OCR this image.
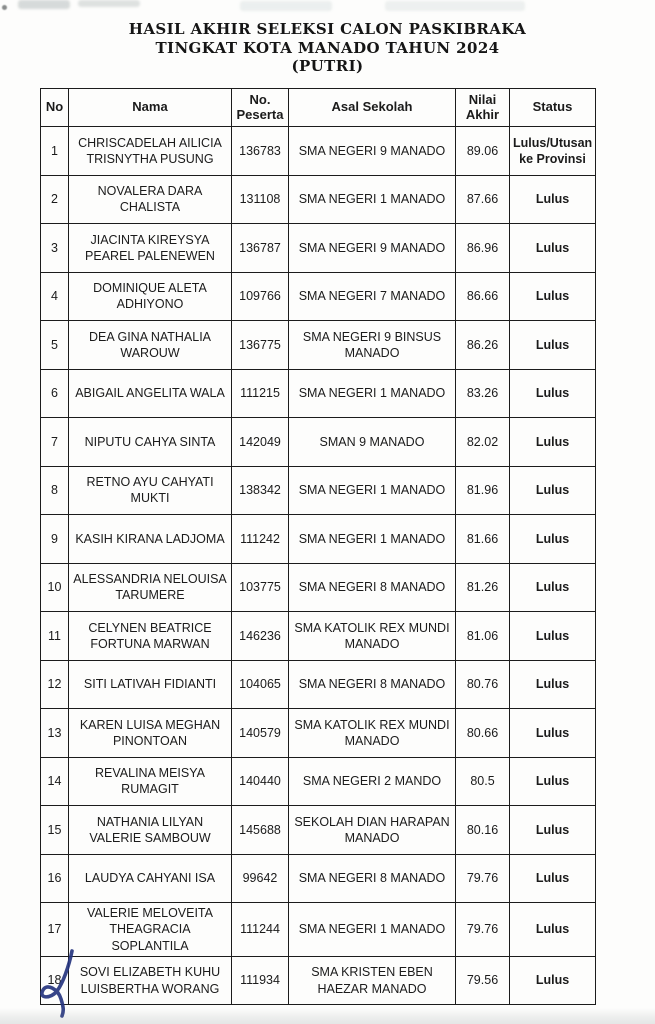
HASIL AKHIR SELEKSI CALON PASKIBRAKA
TINGKAT KOTA MANADO TAHUN 2024
(PUTRI)
No	Nama	No. Peserta	Asal Sekolah	Nilai Akhir	Status
1	CHRISCADELAH AILICIA TRISNYTHA PUSUNG	136783	SMA NEGERI 9 MANADO	89.06	Lulus/Utusan ke Provinsi
2	NOVALERA DARA CHALISTA	131108	SMA NEGERI 1 MANADO	87.66	Lulus
3	JIACINTA KIREYSYA PEAREL PALENEWEN	136787	SMA NEGERI 9 MANADO	86.96	Lulus
4	DOMINIQUE ALETA ADHIYONO	109766	SMA NEGERI 7 MANADO	86.66	Lulus
5	DEA GINA NATHALIA WAROUW	136775	SMA NEGERI 9 BINSUS MANADO	86.26	Lulus
6	ABIGAIL ANGELITA WALA	111215	SMA NEGERI 1 MANADO	83.26	Lulus
7	NIPUTU CAHYA SINTA	142049	SMAN 9 MANADO	82.02	Lulus
8	RETNO AYU CAHYATI MUKTI	138342	SMA NEGERI 1 MANADO	81.96	Lulus
9	KASIH KIRANA LADJOMA	111242	SMA NEGERI 1 MANADO	81.66	Lulus
10	ALESSANDRIA NELOUISA TARUMERE	103775	SMA NEGERI 8 MANADO	81.26	Lulus
11	CELYNEN BEATRICE FORTUNA MARWAN	146236	SMA KATOLIK REX MUNDI MANADO	81.06	Lulus
12	SITI LATIVAH FIDIANTI	104065	SMA NEGERI 8 MANADO	80.76	Lulus
13	KAREN LUISA MEGHAN PINONTOAN	140579	SMA KATOLIK REX MUNDI MANADO	80.66	Lulus
14	REVALINA MEISYA RUMAGIT	140440	SMA NEGERI 2 MANDO	80.5	Lulus
15	NATHANIA LILYAN VALERIE SAMBOUW	145688	SEKOLAH DIAN HARAPAN MANADO	80.16	Lulus
16	LAUDYA CAHYANI ISA	99642	SMA NEGERI 8 MANADO	79.76	Lulus
17	VALERIE MELOVEITA THEAGRACIA SOPLANTILA	111244	SMA NEGERI 1 MANADO	79.76	Lulus
18	SOVI ELIZABETH KUHU LUISBERTHA WORANG	111934	SMA KRISTEN EBEN HAEZAR MANADO	79.56	Lulus
